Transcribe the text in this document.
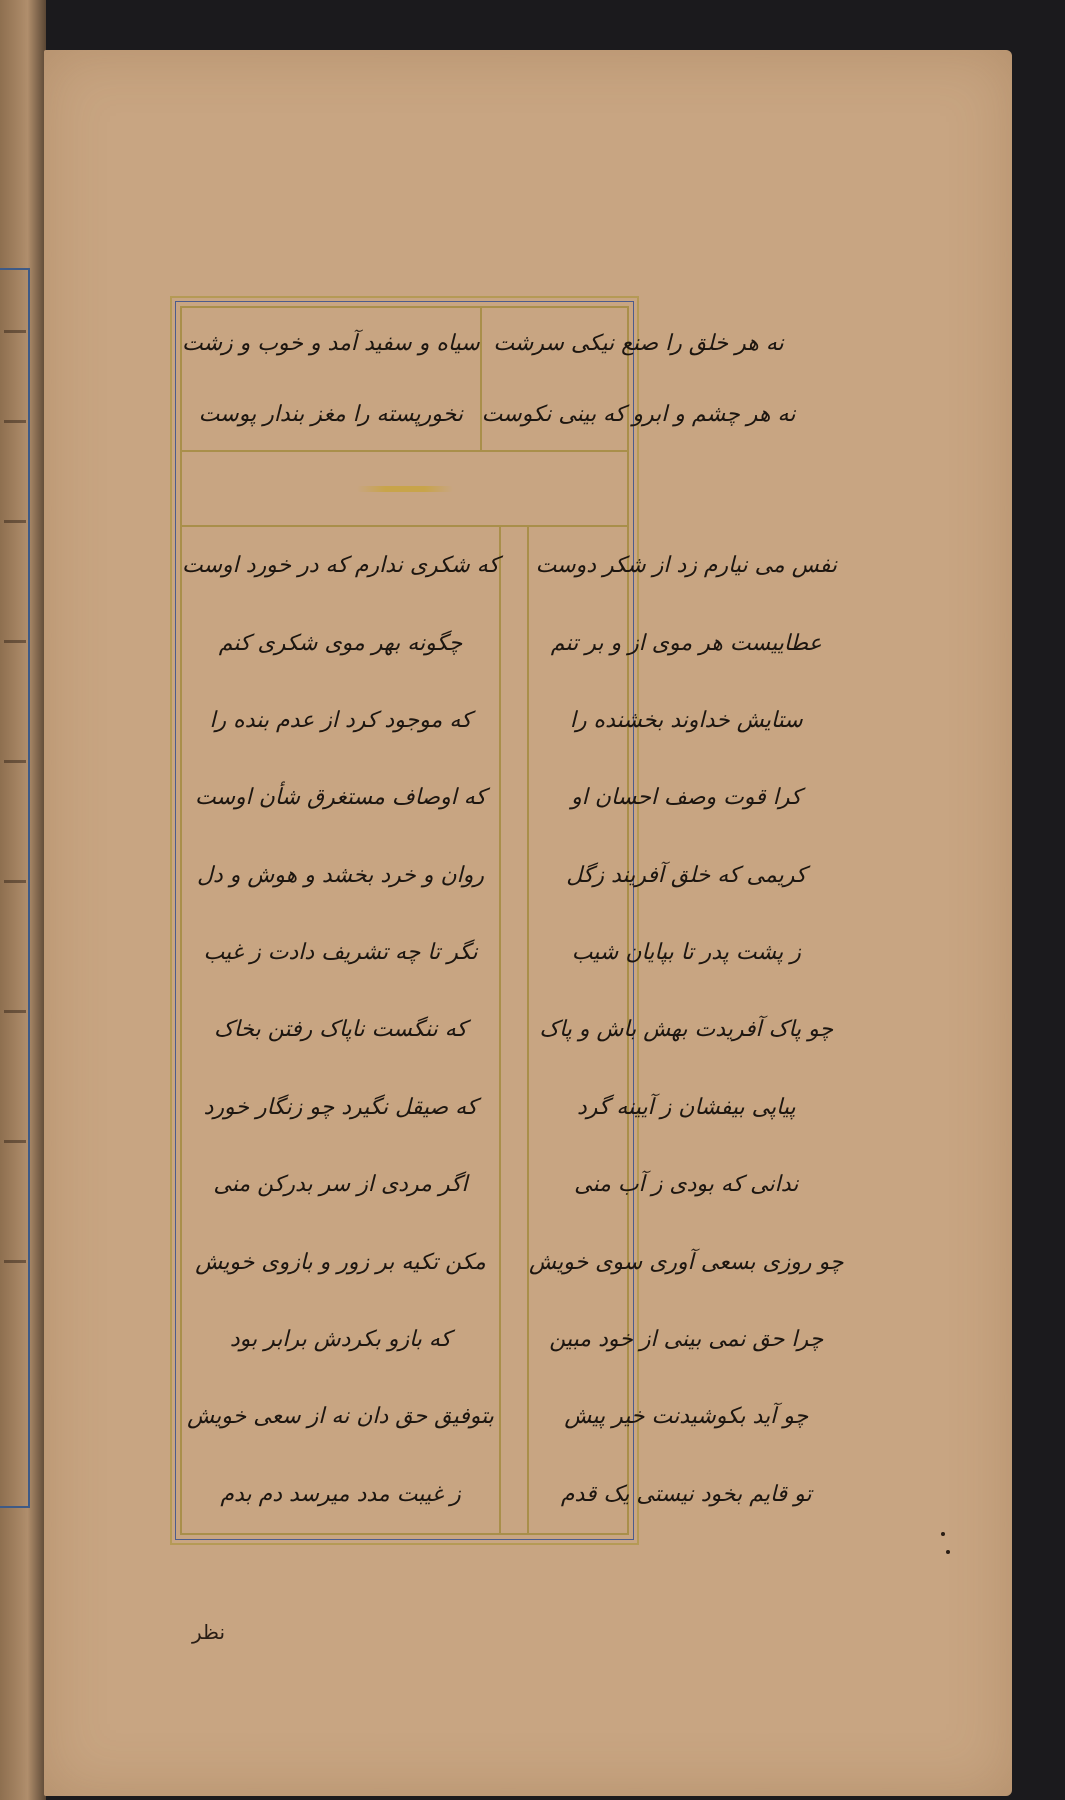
سیاه و سفید آمد و خوب و زشت
نخورپسته را مغز بندار پوست
نه هر خلق را صنع نیکی سرشت
نه هر چشم و ابرو که بینی نکوست
که شکری ندارم که در خورد اوست
چگونه بهر موی شکری کنم
که موجود کرد از عدم بنده را
که اوصاف مستغرق شأن اوست
روان و خرد بخشد و هوش و دل
نگر تا چه تشریف دادت ز غیب
که ننگست ناپاک رفتن بخاک
که صیقل نگیرد چو زنگار خورد
اگر مردی از سر بدرکن منی
مکن تکیه بر زور و بازوی خویش
که بازو بکردش برابر بود
بتوفیق حق دان نه از سعی خویش
ز غیبت مدد میرسد دم بدم
نفس می نیارم زد از شکر دوست
عطاییست هر موی از و بر تنم
ستایش خداوند بخشنده را
کرا قوت وصف احسان او
کریمی که خلق آفریند زگل
ز پشت پدر تا بپایان شیب
چو پاک آفریدت بهش باش و پاک
پیاپی بیفشان ز آیینه گرد
ندانی که بودی ز آب منی
چو روزی بسعی آوری سوی خویش
چرا حق نمی بینی از خود مبین
چو آید بکوشیدنت خیر پیش
تو قایم بخود نیستی یک قدم
نظر
